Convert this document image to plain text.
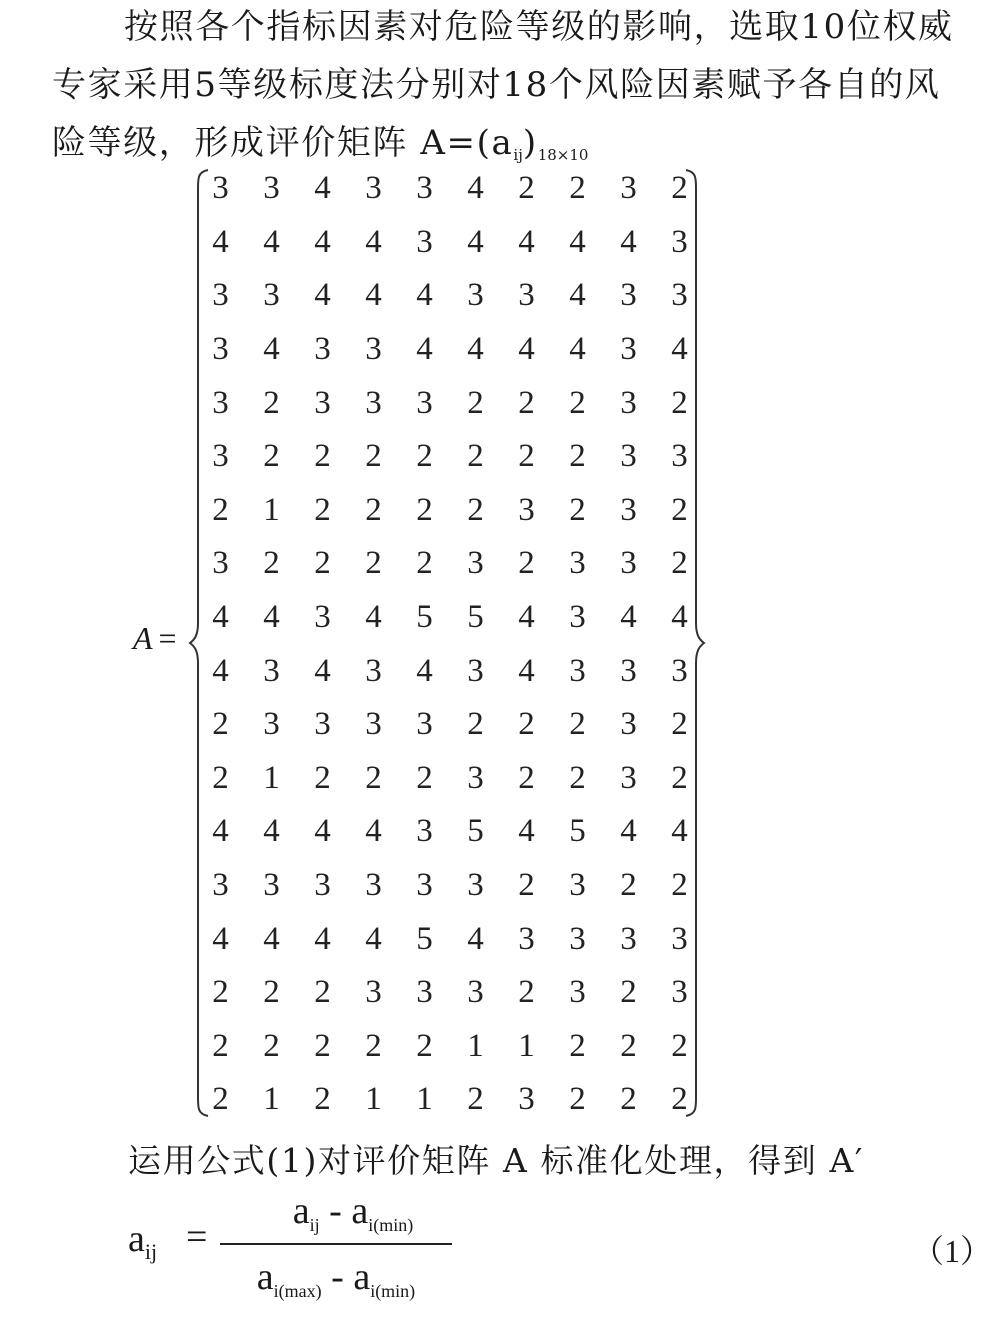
按照各个指标因素对危险等级的影响，选取10位权威专家采用5等级标度法分别对18个风险因素赋予各自的风险等级，形成评价矩阵 $A=(a_{ij})_{18\times 10}$
A =
3	3	4	3	3	4	2	2	3	2
4	4	4	4	3	4	4	4	4	3
3	3	4	4	4	3	3	4	3	3
3	4	3	3	4	4	4	4	3	4
3	2	3	3	3	2	2	2	3	2
3	2	2	2	2	2	2	2	3	3
2	1	2	2	2	2	3	2	3	2
3	2	2	2	2	3	2	3	3	2
4	4	3	4	5	5	4	3	4	4
4	3	4	3	4	3	4	3	3	3
2	3	3	3	3	2	2	2	3	2
2	1	2	2	2	3	2	2	3	2
4	4	4	4	3	5	4	5	4	4
3	3	3	3	3	3	2	3	2	2
4	4	4	4	5	4	3	3	3	3
2	2	2	3	3	3	2	3	2	3
2	2	2	2	2	1	1	2	2	2
2	1	2	1	1	2	3	2	2	2
运用公式(1)对评价矩阵 A 标准化处理，得到 A′
$a_{ij}$ =
$a_{ij} - a_{i(min)}$
$a_{i(max)} - a_{i(min)}$
（1）
